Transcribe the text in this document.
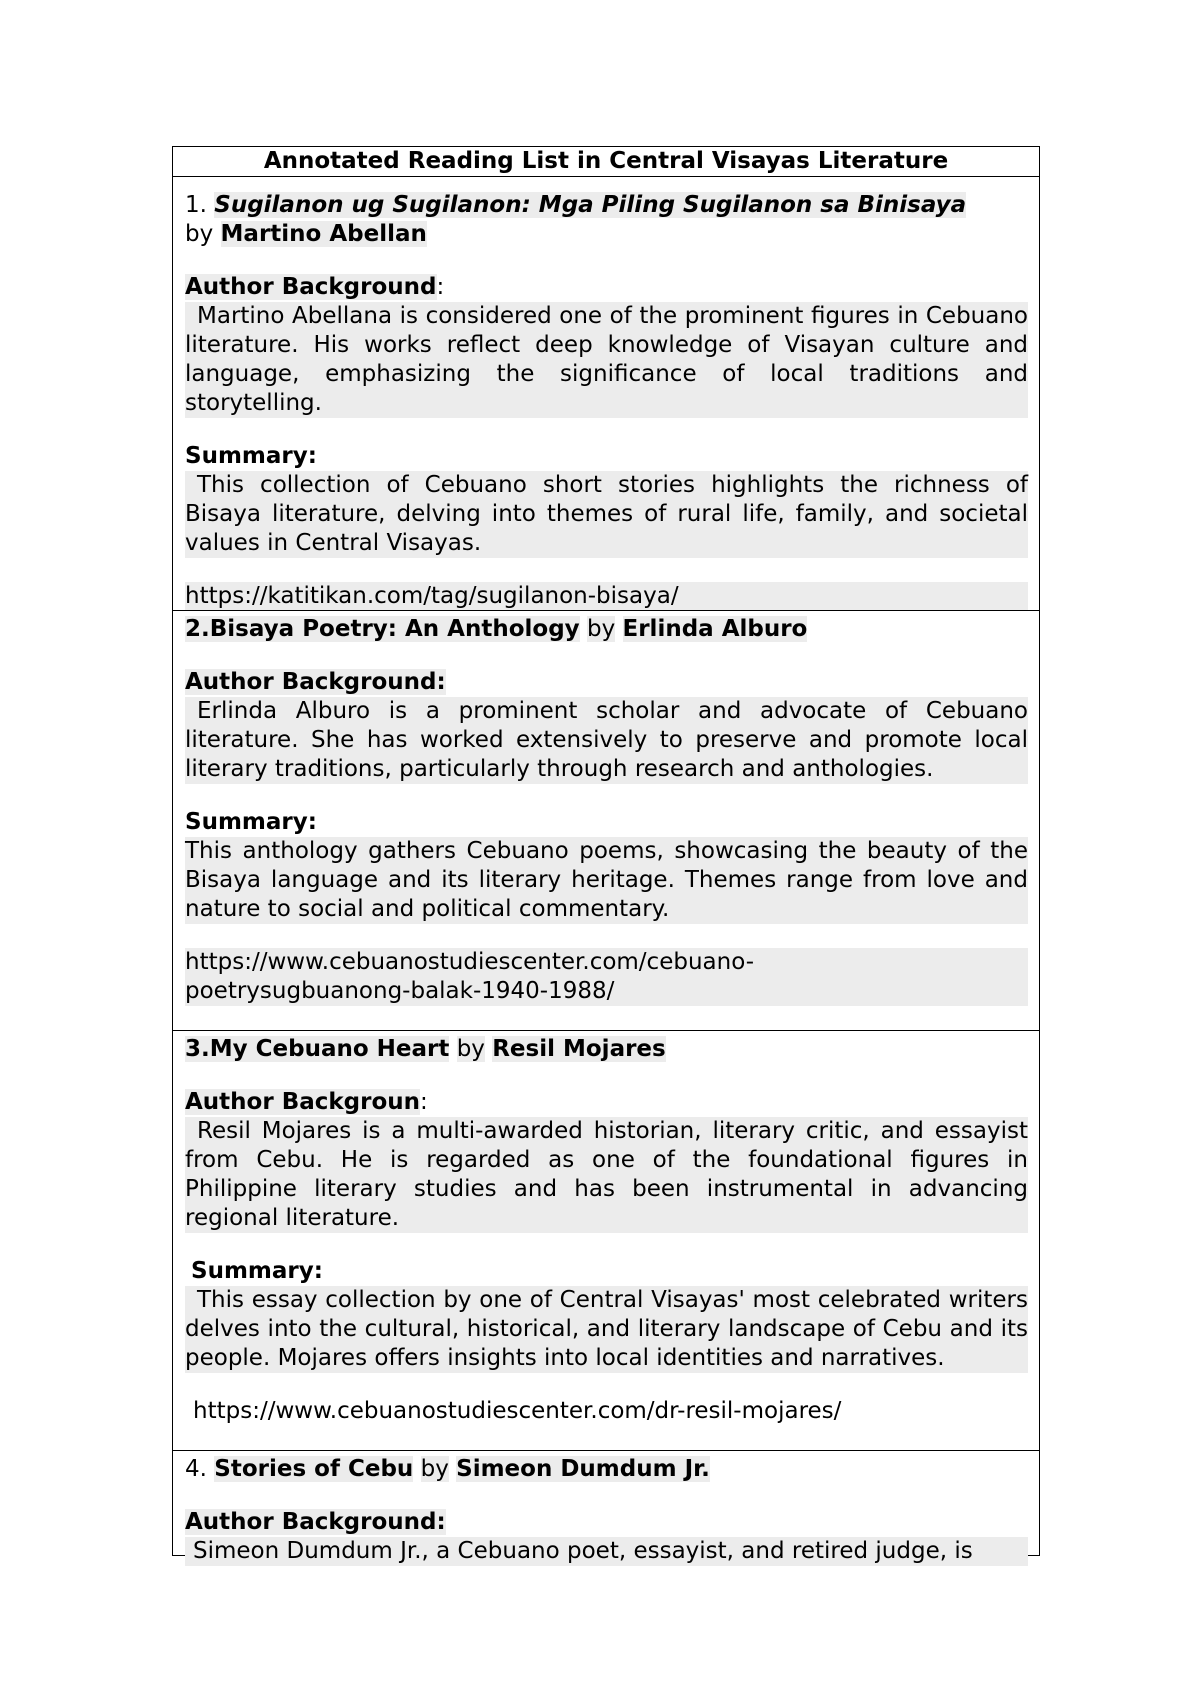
Annotated Reading List in Central Visayas Literature
1. Sugilanon ug Sugilanon: Mga Piling Sugilanon sa Binisaya
by Martino Abellan
Author Background:
Martino Abellana is considered one of the prominent figures in Cebuano literature. His works reflect deep knowledge of Visayan culture and language, emphasizing the significance of local traditions and storytelling.
Summary:
This collection of Cebuano short stories highlights the richness of Bisaya literature, delving into themes of rural life, family, and societal values in Central Visayas.
https://katitikan.com/tag/sugilanon-bisaya/
2.Bisaya Poetry: An Anthology by Erlinda Alburo
Author Background:
Erlinda Alburo is a prominent scholar and advocate of Cebuano literature. She has worked extensively to preserve and promote local literary traditions, particularly through research and anthologies.
Summary:
This anthology gathers Cebuano poems, showcasing the beauty of the Bisaya language and its literary heritage. Themes range from love and nature to social and political commentary.
https://www.cebuanostudiescenter.com/cebuano-
poetrysugbuanong-balak-1940-1988/
3.My Cebuano Heart by Resil Mojares
Author Backgroun:
Resil Mojares is a multi-awarded historian, literary critic, and essayist from Cebu. He is regarded as one of the foundational figures in Philippine literary studies and has been instrumental in advancing regional literature.
Summary:
This essay collection by one of Central Visayas' most celebrated writers delves into the cultural, historical, and literary landscape of Cebu and its people. Mojares offers insights into local identities and narratives.
https://www.cebuanostudiescenter.com/dr-resil-mojares/
4. Stories of Cebu by Simeon Dumdum Jr.
Author Background:
Simeon Dumdum Jr., a Cebuano poet, essayist, and retired judge, is
